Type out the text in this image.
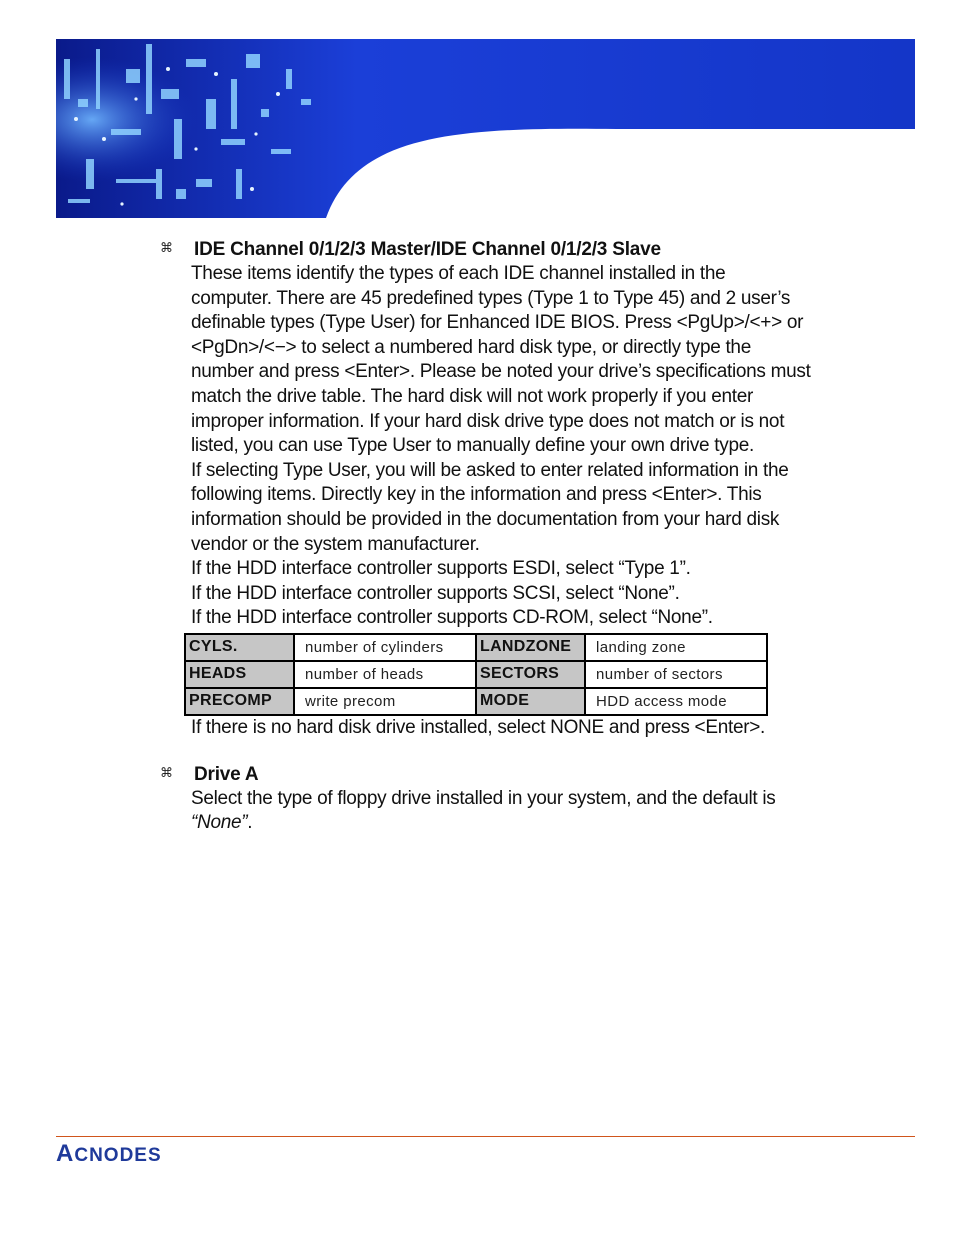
⌘ IDE Channel 0/1/2/3 Master/IDE Channel 0/1/2/3 Slave

These items identify the types of each IDE channel installed in the computer. There are 45 predefined types (Type 1 to Type 45) and 2 user’s definable types (Type User) for Enhanced IDE BIOS. Press <PgUp>/<+> or <PgDn>/<−> to select a numbered hard disk type, or directly type the number and press <Enter>. Please be noted your drive’s specifications must match the drive table. The hard disk will not work properly if you enter improper information. If your hard disk drive type does not match or is not listed, you can use Type User to manually define your own drive type.

If selecting Type User, you will be asked to enter related information in the following items. Directly key in the information and press <Enter>. This information should be provided in the documentation from your hard disk vendor or the system manufacturer.

If the HDD interface controller supports ESDI, select “Type 1”.

If the HDD interface controller supports SCSI, select “None”.

If the HDD interface controller supports CD-ROM, select “None”.

CYLS.	number of cylinders	LANDZONE	landing zone
HEADS	number of heads	SECTORS	number of sectors
PRECOMP	write precom	MODE	HDD access mode

If there is no hard disk drive installed, select NONE and press <Enter>.

⌘ Drive A

Select the type of floppy drive installed in your system, and the default is “None”.

ACNODES
